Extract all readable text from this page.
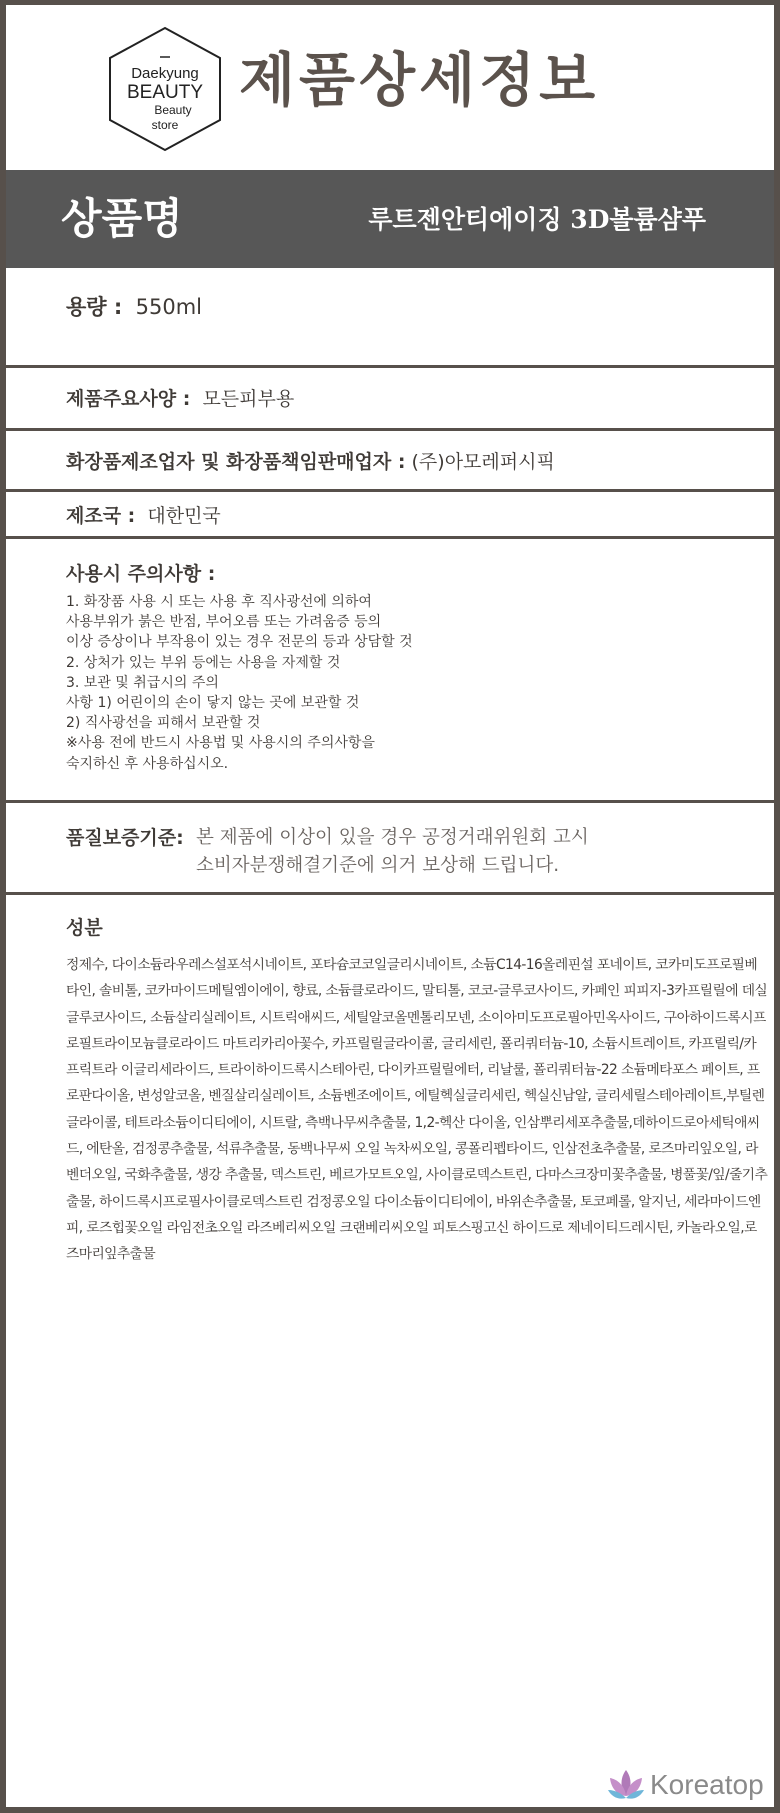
Daekyung
BEAUTY
Beauty
store
제품상세정보
상품명	루트젠안티에이징 3D볼륨샴푸
용량 : 550ml
제품주요사양 : 모든피부용
화장품제조업자 및 화장품책임판매업자 : (주)아모레퍼시픽
제조국 : 대한민국
사용시 주의사항 :
1. 화장품 사용 시 또는 사용 후 직사광선에 의하여
사용부위가 붉은 반점, 부어오름 또는 가려움증 등의
이상 증상이나 부작용이 있는 경우 전문의 등과 상담할 것
2. 상처가 있는 부위 등에는 사용을 자제할 것
3. 보관 및 취급시의 주의
사항 1) 어린이의 손이 닿지 않는 곳에 보관할 것
2) 직사광선을 피해서 보관할 것
※사용 전에 반드시 사용법 및 사용시의 주의사항을
숙지하신 후 사용하십시오.
품질보증기준: 본 제품에 이상이 있을 경우 공정거래위원회 고시
소비자분쟁해결기준에 의거 보상해 드립니다.
성분
정제수, 다이소듐라우레스설포석시네이트, 포타슘코코일글리시네이트, 소듐C14-16올레핀설 포네이트, 코카미도프로필베타인, 솔비톨, 코카마이드메틸엠이에이, 향료, 소듐클로라이드, 말티톨, 코코-글루코사이드, 카페인 피피지-3카프릴릴에 데실글루코사이드, 소듐살리실레이트, 시트릭애씨드, 세틸알코올멘톨리모넨, 소이아미도프로필아민옥사이드, 구아하이드록시프로필트라이모늄클로라이드 마트리카리아꽃수, 카프릴릴글라이콜, 글리세린, 폴리쿼터늄-10, 소듐시트레이트, 카프릴릭/카프릭트라 이글리세라이드, 트라이하이드록시스테아린, 다이카프릴릴에터, 리날룰, 폴리쿼터늄-22 소듐메타포스 페이트, 프로판다이올, 변성알코올, 벤질살리실레이트, 소듐벤조에이트, 에틸헥실글리세린, 헥실신남알, 글리세릴스테아레이트,부틸렌글라이콜, 테트라소듐이디티에이, 시트랄, 측백나무씨추출물, 1,2-헥산 다이올, 인삼뿌리세포추출물,데하이드로아세틱애씨드, 에탄올, 검정콩추출물, 석류추출물, 동백나무씨 오일 녹차씨오일, 콩폴리펩타이드, 인삼전초추출물, 로즈마리잎오일, 라벤더오일, 국화추출물, 생강 추출물, 덱스트린, 베르가모트오일, 사이클로덱스트린, 다마스크장미꽃추출물, 병풀꽃/잎/줄기추출물, 하이드록시프로필사이클로덱스트린 검정콩오일 다이소듐이디티에이, 바위손추출물, 토코페롤, 알지닌, 세라마이드엔피, 로즈힙꽃오일 라임전초오일 라즈베리씨오일 크랜베리씨오일 피토스핑고신 하이드로 제네이티드레시틴, 카놀라오일,로즈마리잎추출물
Koreatop
